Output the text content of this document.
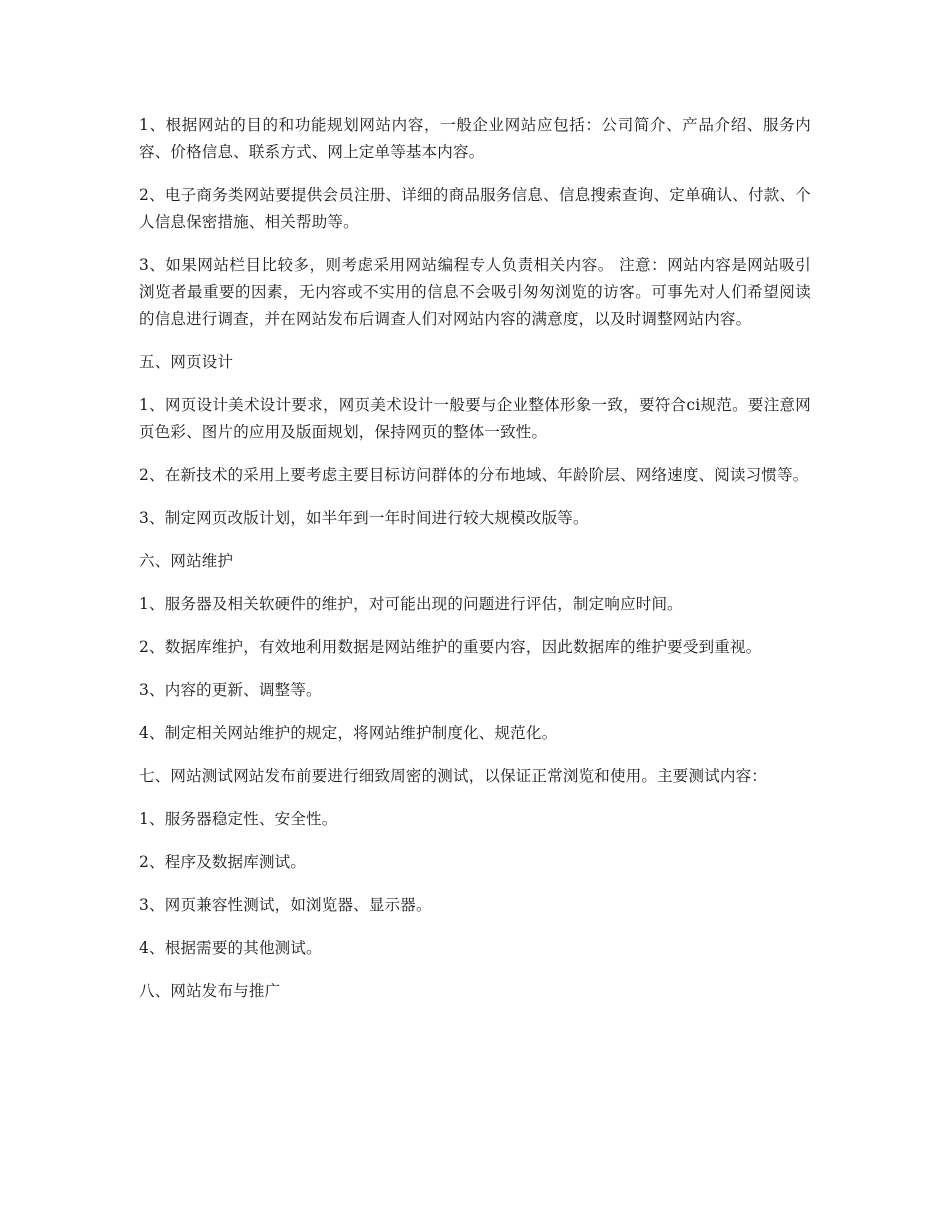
1、根据网站的目的和功能规划网站内容，一般企业网站应包括：公司简介、产品介绍、服务内容、价格信息、联系方式、网上定单等基本内容。

2、电子商务类网站要提供会员注册、详细的商品服务信息、信息搜索查询、定单确认、付款、个人信息保密措施、相关帮助等。

3、如果网站栏目比较多，则考虑采用网站编程专人负责相关内容。 注意：网站内容是网站吸引浏览者最重要的因素，无内容或不实用的信息不会吸引匆匆浏览的访客。可事先对人们希望阅读的信息进行调查，并在网站发布后调查人们对网站内容的满意度，以及时调整网站内容。

五、网页设计

1、网页设计美术设计要求，网页美术设计一般要与企业整体形象一致，要符合ci规范。要注意网页色彩、图片的应用及版面规划，保持网页的整体一致性。

2、在新技术的采用上要考虑主要目标访问群体的分布地域、年龄阶层、网络速度、阅读习惯等。

3、制定网页改版计划，如半年到一年时间进行较大规模改版等。

六、网站维护

1、服务器及相关软硬件的维护，对可能出现的问题进行评估，制定响应时间。

2、数据库维护，有效地利用数据是网站维护的重要内容，因此数据库的维护要受到重视。

3、内容的更新、调整等。

4、制定相关网站维护的规定，将网站维护制度化、规范化。

七、网站测试网站发布前要进行细致周密的测试，以保证正常浏览和使用。主要测试内容：

1、服务器稳定性、安全性。

2、程序及数据库测试。

3、网页兼容性测试，如浏览器、显示器。

4、根据需要的其他测试。

八、网站发布与推广
